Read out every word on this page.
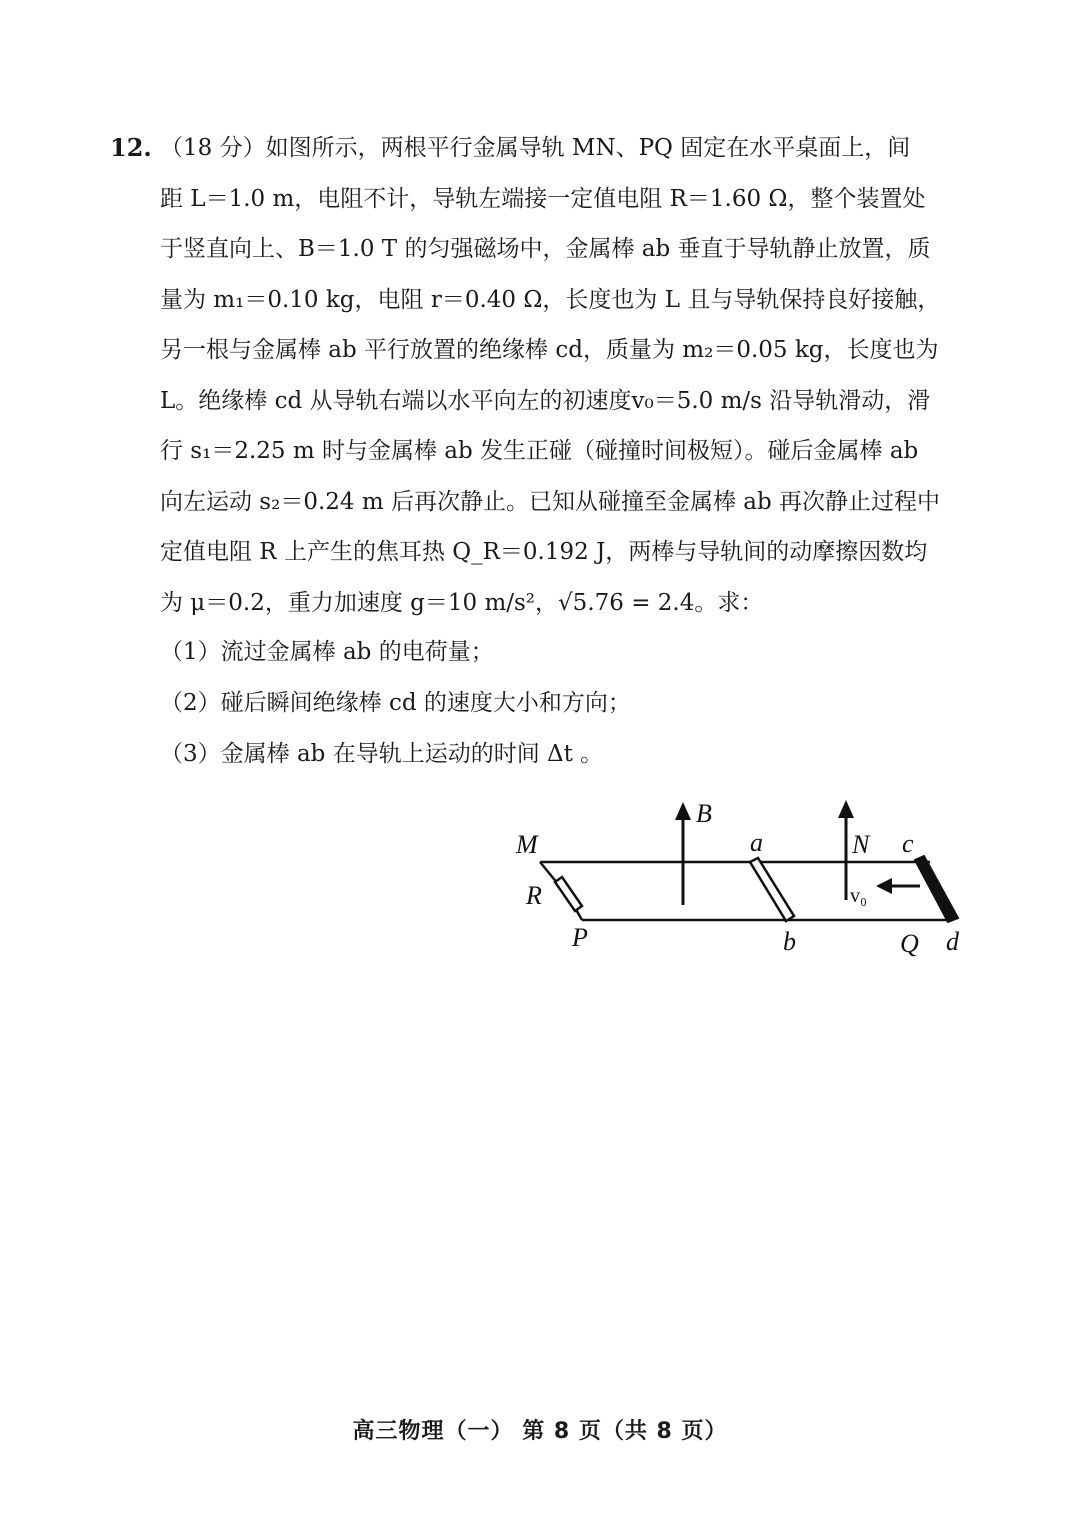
12. （18 分）如图所示，两根平行金属导轨 MN、PQ 固定在水平桌面上，间
距 L＝1.0 m，电阻不计，导轨左端接一定值电阻 R＝1.60 Ω，整个装置处
于竖直向上、B＝1.0 T 的匀强磁场中，金属棒 ab 垂直于导轨静止放置，质
量为 m₁＝0.10 kg，电阻 r＝0.40 Ω，长度也为 L 且与导轨保持良好接触，
另一根与金属棒 ab 平行放置的绝缘棒 cd，质量为 m₂＝0.05 kg，长度也为
L。绝缘棒 cd 从导轨右端以水平向左的初速度v₀＝5.0 m/s 沿导轨滑动，滑
行 s₁＝2.25 m 时与金属棒 ab 发生正碰（碰撞时间极短）。碰后金属棒 ab
向左运动 s₂＝0.24 m 后再次静止。已知从碰撞至金属棒 ab 再次静止过程中
定值电阻 R 上产生的焦耳热 Q_R＝0.192 J，两棒与导轨间的动摩擦因数均
为 μ＝0.2，重力加速度 g＝10 m/s²，√5.76 = 2.4。求：
（1）流过金属棒 ab 的电荷量；
（2）碰后瞬间绝缘棒 cd 的速度大小和方向；
（3）金属棒 ab 在导轨上运动的时间 Δt 。
M	N
R
P	Q
a
b
c
d
B
v₀
高三物理（一） 第 8 页（共 8 页）
